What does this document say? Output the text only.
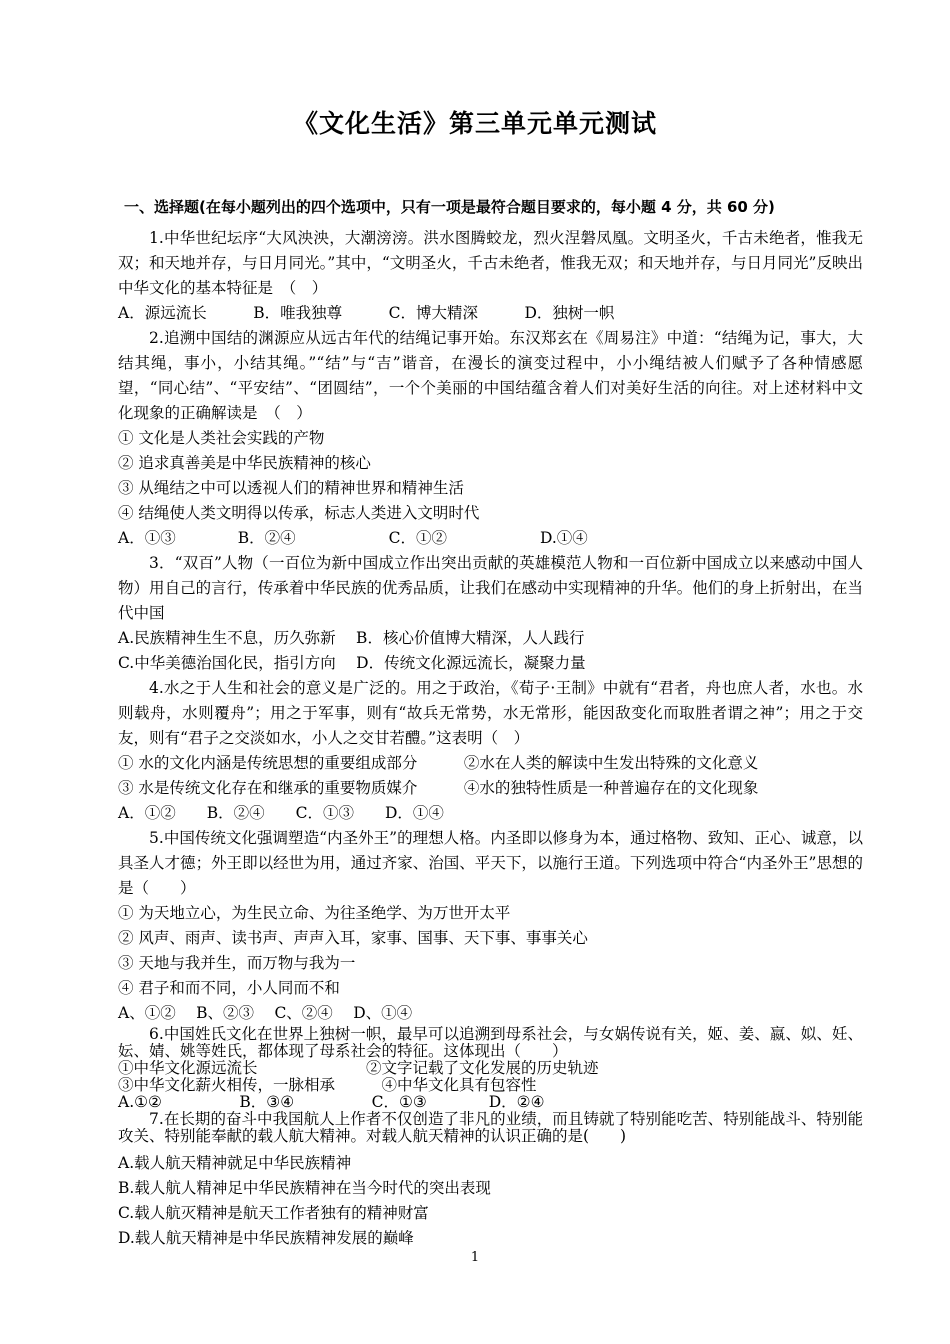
《文化生活》第三单元单元测试
一、选择题(在每小题列出的四个选项中，只有一项是最符合题目要求的，每小题 4 分，共 60 分)

1.中华世纪坛序“大风泱泱，大潮滂滂。洪水图腾蛟龙，烈火涅磐凤凰。文明圣火，千古未绝者，惟我无双；和天地并存，与日月同光。”其中，“文明圣火，千古未绝者，惟我无双；和天地并存，与日月同光”反映出中华文化的基本特征是　（　）

A．源远流长　　　B．唯我独尊　　　C．博大精深　　　D．独树一帜

2.追溯中国结的渊源应从远古年代的结绳记事开始。东汉郑玄在《周易注》中道：“结绳为记，事大，大结其绳，事小，小结其绳。”“结”与“吉”谐音，在漫长的演变过程中，小小绳结被人们赋予了各种情感愿望，“同心结”、“平安结”、“团圆结”，一个个美丽的中国结蕴含着人们对美好生活的向往。对上述材料中文化现象的正确解读是　（　）

① 文化是人类社会实践的产物

② 追求真善美是中华民族精神的核心

③ 从绳结之中可以透视人们的精神世界和精神生活

④ 结绳使人类文明得以传承，标志人类进入文明时代

A．①③　　　　B．②④　　　　　　C．①②　　　　　　D.①④

3．“双百”人物（一百位为新中国成立作出突出贡献的英雄模范人物和一百位新中国成立以来感动中国人物）用自己的言行，传承着中华民族的优秀品质，让我们在感动中实现精神的升华。他们的身上折射出，在当代中国

A.民族精神生生不息，历久弥新　 B．核心价值博大精深，人人践行

C.中华美德治国化民，指引方向　 D．传统文化源远流长，凝聚力量

4.水之于人生和社会的意义是广泛的。用之于政治，《荀子·王制》中就有“君者，舟也庶人者，水也。水则载舟，水则覆舟”；用之于军事，则有“故兵无常势，水无常形，能因敌变化而取胜者谓之神”；用之于交友，则有“君子之交淡如水，小人之交甘若醴。”这表明（　）

① 水的文化内涵是传统思想的重要组成部分　　　②水在人类的解读中生发出特殊的文化意义

③ 水是传统文化存在和继承的重要物质媒介　　　④水的独特性质是一种普遍存在的文化现象

A．①②　　B．②④　　C．①③　　D．①④

5.中国传统文化强调塑造“内圣外王”的理想人格。内圣即以修身为本，通过格物、致知、正心、诚意，以具圣人才德；外王即以经世为用，通过齐家、治国、平天下，以施行王道。下列选项中符合“内圣外王”思想的是（　　）

① 为天地立心，为生民立命、为往圣绝学、为万世开太平

② 风声、雨声、读书声、声声入耳，家事、国事、天下事、事事关心

③ 天地与我并生，而万物与我为一

④ 君子和而不同，小人同而不和

A、①②　 B、②③　 C、②④　 D、①④

6.中国姓氏文化在世界上独树一帜，最早可以追溯到母系社会，与女娲传说有关，姬、姜、嬴、姒、妊、妘、婧、姚等姓氏，都体现了母系社会的特征。这体现出（　　）

①中华文化源远流长　　　　　　　②文字记载了文化发展的历史轨迹

③中华文化薪火相传，一脉相承　　　④中华文化具有包容性

A.①②　　　　　B．③④　　　　　C．①③　　　　D．②④

7.在长期的奋斗中我国航人上作者不仅创造了非凡的业绩，而且铸就了特别能吃苦、特别能战斗、特别能攻关、特别能奉献的载人航大精神。对载人航天精神的认识正确的是(　　)

A.载人航天精神就足中华民族精神

B.载人航人精神足中华民族精神在当今时代的突出表现

C.载人航灭精神是航天工作者独有的精神财富

D.载人航天精神是中华民族精神发展的巅峰

1
